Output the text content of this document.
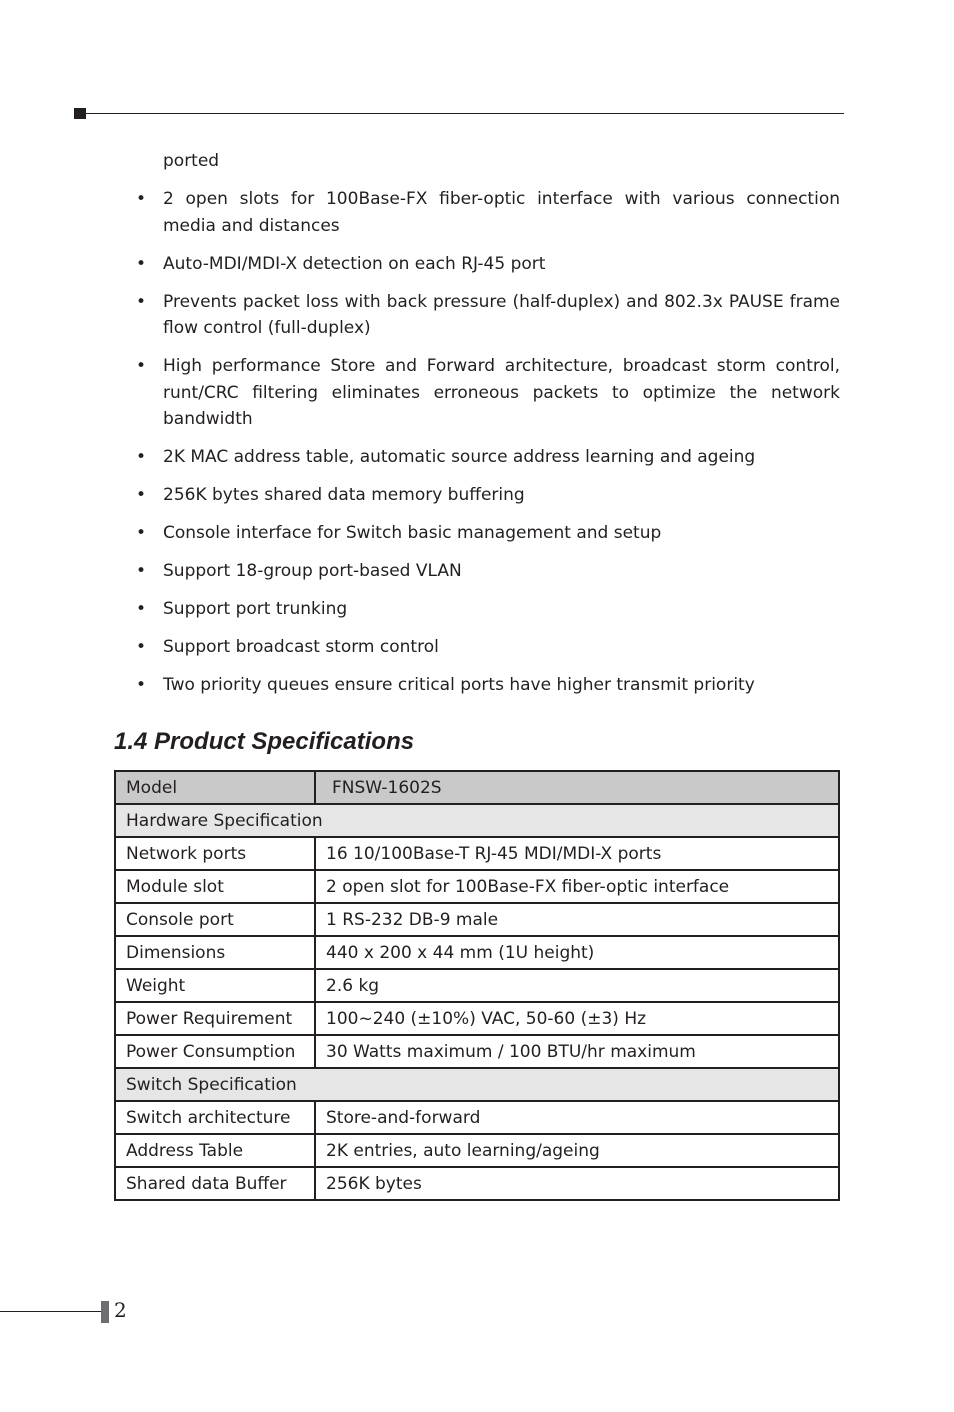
ported
• 2 open slots for 100Base-FX fiber-optic interface with various connection media and distances
• Auto-MDI/MDI-X detection on each RJ-45 port
• Prevents packet loss with back pressure (half-duplex) and 802.3x PAUSE frame flow control (full-duplex)
• High performance Store and Forward architecture, broadcast storm control, runt/CRC filtering eliminates erroneous packets to optimize the network bandwidth
• 2K MAC address table, automatic source address learning and ageing
• 256K bytes shared data memory buffering
• Console interface for Switch basic management and setup
• Support 18-group port-based VLAN
• Support port trunking
• Support broadcast storm control
• Two priority queues ensure critical ports have higher transmit priority
1.4 Product Specifications
Model	FNSW-1602S
Hardware Specification	
Network ports	16 10/100Base-T RJ-45 MDI/MDI-X ports
Module slot	2 open slot for 100Base-FX fiber-optic interface
Console port	1 RS-232 DB-9 male
Dimensions	440 x 200 x 44 mm (1U height)
Weight	2.6 kg
Power Requirement	100~240 (±10%) VAC, 50-60 (±3) Hz
Power Consumption	30 Watts maximum / 100 BTU/hr maximum
Switch Specification	
Switch architecture	Store-and-forward
Address Table	2K entries, auto learning/ageing
Shared data Buffer	256K bytes
2
